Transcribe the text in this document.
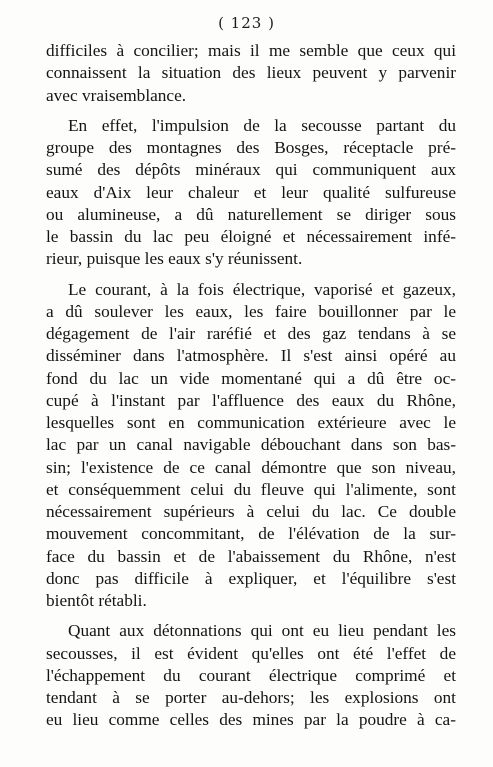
( 123 )
difficiles à concilier; mais il me semble que ceux qui
connaissent la situation des lieux peuvent y parvenir
avec vraisemblance.
En effet, l'impulsion de la secousse partant du
groupe des montagnes des Bosges, réceptacle pré-
sumé des dépôts minéraux qui communiquent aux
eaux d'Aix leur chaleur et leur qualité sulfureuse
ou alumineuse, a dû naturellement se diriger sous
le bassin du lac peu éloigné et nécessairement infé-
rieur, puisque les eaux s'y réunissent.
Le courant, à la fois électrique, vaporisé et gazeux,
a dû soulever les eaux, les faire bouillonner par le
dégagement de l'air raréfié et des gaz tendans à se
disséminer dans l'atmosphère. Il s'est ainsi opéré au
fond du lac un vide momentané qui a dû être oc-
cupé à l'instant par l'affluence des eaux du Rhône,
lesquelles sont en communication extérieure avec le
lac par un canal navigable débouchant dans son bas-
sin; l'existence de ce canal démontre que son niveau,
et conséquemment celui du fleuve qui l'alimente, sont
nécessairement supérieurs à celui du lac. Ce double
mouvement concommitant, de l'élévation de la sur-
face du bassin et de l'abaissement du Rhône, n'est
donc pas difficile à expliquer, et l'équilibre s'est
bientôt rétabli.
Quant aux détonnations qui ont eu lieu pendant les
secousses, il est évident qu'elles ont été l'effet de
l'échappement du courant électrique comprimé et
tendant à se porter au-dehors; les explosions ont
eu lieu comme celles des mines par la poudre à ca-
